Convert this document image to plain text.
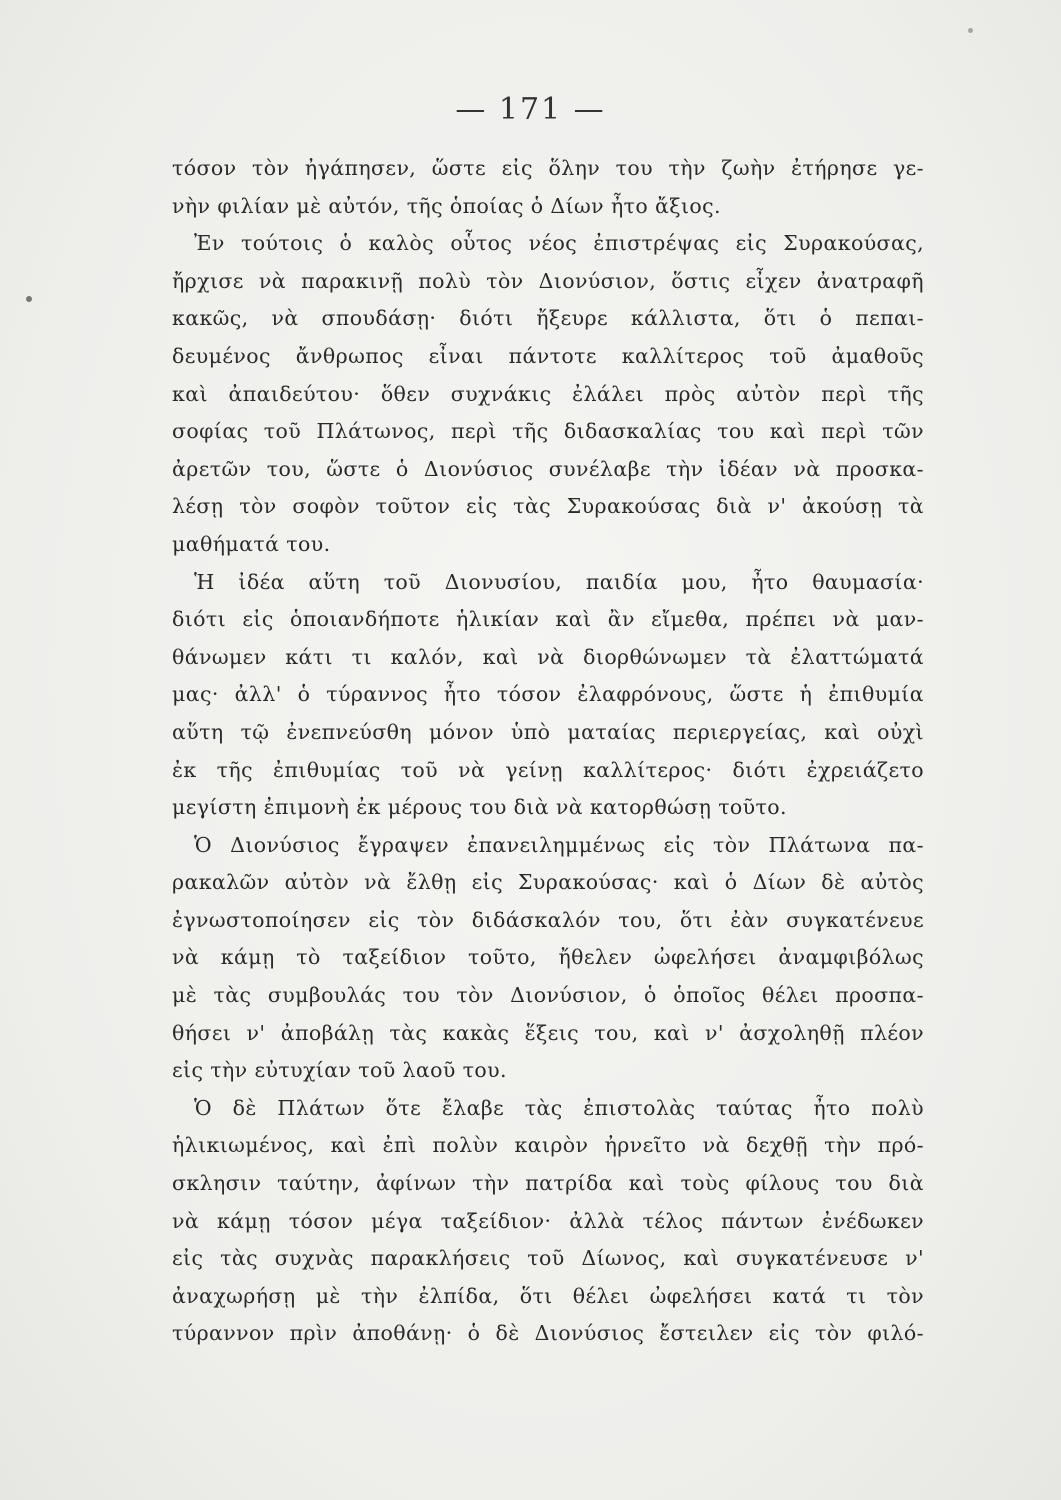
— 171 —
τόσον τὸν ἠγάπησεν, ὥστε εἰς ὅλην του τὴν ζωὴν ἐτήρησε γε-
νὴν φιλίαν μὲ αὐτόν, τῆς ὁποίας ὁ Δίων ἦτο ἄξιος.
Ἐν τούτοις ὁ καλὸς οὗτος νέος ἐπιστρέψας εἰς Συρακούσας,
ἤρχισε νὰ παρακινῇ πολὺ τὸν Διονύσιον, ὅστις εἶχεν ἀνατραφῆ
κακῶς, νὰ σπουδάσῃ· διότι ἤξευρε κάλλιστα, ὅτι ὁ πεπαι-
δευμένος ἄνθρωπος εἶναι πάντοτε καλλίτερος τοῦ ἀμαθοῦς
καὶ ἀπαιδεύτου· ὅθεν συχνάκις ἐλάλει πρὸς αὐτὸν περὶ τῆς
σοφίας τοῦ Πλάτωνος, περὶ τῆς διδασκαλίας του καὶ περὶ τῶν
ἀρετῶν του, ὥστε ὁ Διονύσιος συνέλαβε τὴν ἰδέαν νὰ προσκα-
λέσῃ τὸν σοφὸν τοῦτον εἰς τὰς Συρακούσας διὰ ν' ἀκούσῃ τὰ
μαθήματά του.
Ἡ ἰδέα αὕτη τοῦ Διονυσίου, παιδία μου, ἦτο θαυμασία·
διότι εἰς ὁποιανδήποτε ἡλικίαν καὶ ἂν εἴμεθα, πρέπει νὰ μαν-
θάνωμεν κάτι τι καλόν, καὶ νὰ διορθώνωμεν τὰ ἐλαττώματά
μας· ἀλλ' ὁ τύραννος ἦτο τόσον ἐλαφρόνους, ὥστε ἡ ἐπιθυμία
αὕτη τῷ ἐνεπνεύσθη μόνον ὑπὸ ματαίας περιεργείας, καὶ οὐχὶ
ἐκ τῆς ἐπιθυμίας τοῦ νὰ γείνῃ καλλίτερος· διότι ἐχρειάζετο
μεγίστη ἐπιμονὴ ἐκ μέρους του διὰ νὰ κατορθώσῃ τοῦτο.
Ὁ Διονύσιος ἔγραψεν ἐπανειλημμένως εἰς τὸν Πλάτωνα πα-
ρακαλῶν αὐτὸν νὰ ἔλθῃ εἰς Συρακούσας· καὶ ὁ Δίων δὲ αὐτὸς
ἐγνωστοποίησεν εἰς τὸν διδάσκαλόν του, ὅτι ἐὰν συγκατένευε
νὰ κάμῃ τὸ ταξείδιον τοῦτο, ἤθελεν ὠφελήσει ἀναμφιβόλως
μὲ τὰς συμβουλάς του τὸν Διονύσιον, ὁ ὁποῖος θέλει προσπα-
θήσει ν' ἀποβάλῃ τὰς κακὰς ἕξεις του, καὶ ν' ἀσχοληθῇ πλέον
εἰς τὴν εὐτυχίαν τοῦ λαοῦ του.
Ὁ δὲ Πλάτων ὅτε ἔλαβε τὰς ἐπιστολὰς ταύτας ἦτο πολὺ
ἡλικιωμένος, καὶ ἐπὶ πολὺν καιρὸν ἠρνεῖτο νὰ δεχθῇ τὴν πρό-
σκλησιν ταύτην, ἀφίνων τὴν πατρίδα καὶ τοὺς φίλους του διὰ
νὰ κάμῃ τόσον μέγα ταξείδιον· ἀλλὰ τέλος πάντων ἐνέδωκεν
εἰς τὰς συχνὰς παρακλήσεις τοῦ Δίωνος, καὶ συγκατένευσε ν'
ἀναχωρήσῃ μὲ τὴν ἐλπίδα, ὅτι θέλει ὠφελήσει κατά τι τὸν
τύραννον πρὶν ἀποθάνῃ· ὁ δὲ Διονύσιος ἔστειλεν εἰς τὸν φιλό-
